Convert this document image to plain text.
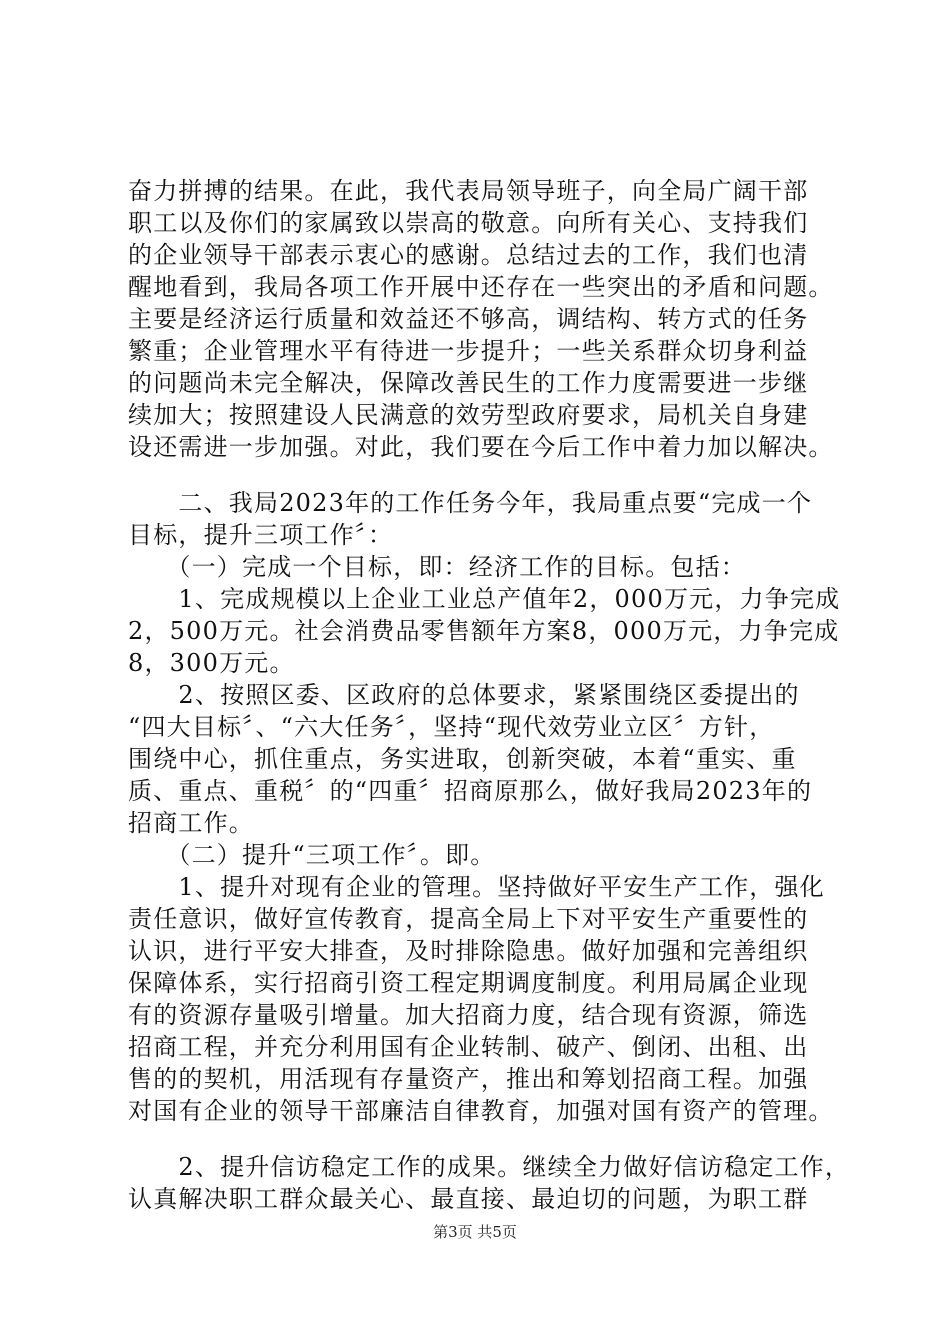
奋力拼搏的结果。在此，我代表局领导班子，向全局广阔干部
职工以及你们的家属致以崇高的敬意。向所有关心、支持我们
的企业领导干部表示衷心的感谢。总结过去的工作，我们也清
醒地看到，我局各项工作开展中还存在一些突出的矛盾和问题。
主要是经济运行质量和效益还不够高，调结构、转方式的任务
繁重；企业管理水平有待进一步提升；一些关系群众切身利益
的问题尚未完全解决，保障改善民生的工作力度需要进一步继
续加大；按照建设人民满意的效劳型政府要求，局机关自身建
设还需进一步加强。对此，我们要在今后工作中着力加以解决。
　　二、我局2023年的工作任务今年，我局重点要“完成一个
目标，提升三项工作〞：
　　（一）完成一个目标，即：经济工作的目标。包括：
　　1、完成规模以上企业工业总产值年2，000万元，力争完成
2，500万元。社会消费品零售额年方案8，000万元，力争完成
8，300万元。
　　2、按照区委、区政府的总体要求，紧紧围绕区委提出的
“四大目标〞、“六大任务〞，坚持“现代效劳业立区〞方针，
围绕中心，抓住重点，务实进取，创新突破，本着“重实、重
质、重点、重税〞的“四重〞招商原那么，做好我局2023年的
招商工作。
　　（二）提升“三项工作〞。即。
　　1、提升对现有企业的管理。坚持做好平安生产工作，强化
责任意识，做好宣传教育，提高全局上下对平安生产重要性的
认识，进行平安大排查，及时排除隐患。做好加强和完善组织
保障体系，实行招商引资工程定期调度制度。利用局属企业现
有的资源存量吸引增量。加大招商力度，结合现有资源，筛选
招商工程，并充分利用国有企业转制、破产、倒闭、出租、出
售的的契机，用活现有存量资产，推出和筹划招商工程。加强
对国有企业的领导干部廉洁自律教育，加强对国有资产的管理。
　　2、提升信访稳定工作的成果。继续全力做好信访稳定工作，
认真解决职工群众最关心、最直接、最迫切的问题，为职工群
第3页 共5页
